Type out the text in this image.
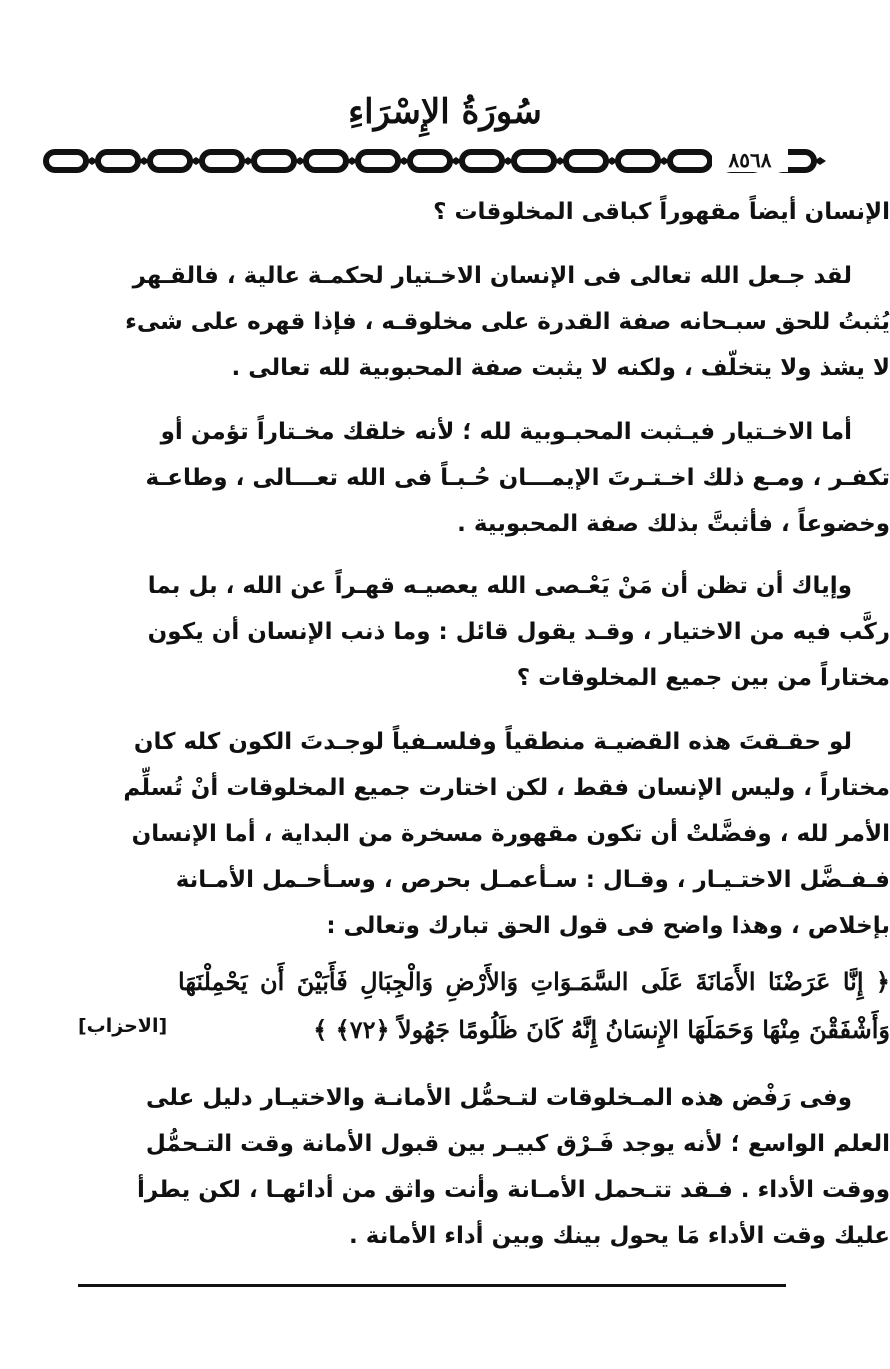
سُورَةُ الإِسْرَاءِ
٨٥٦٨
الإنسان أيضاً مقهوراً كباقى المخلوقات ؟
لقد جـعل الله تعالى فى الإنسان الاخـتيار لحكمـة عالية ، فالقـهر
يُثبتُ للحق سبـحانه صفة القدرة على مخلوقـه ، فإذا قهره على شىء
لا يشذ ولا يتخلّف ، ولكنه لا يثبت صفة المحبوبية لله تعالى .
أما الاخـتيار فيـثبت المحبـوبية لله ؛ لأنه خلقك مخـتاراً تؤمن أو
تكفـر ، ومـع ذلك اخـتـرتَ الإيمـــان حُـبـاً فى الله تعـــالى ، وطاعـة
وخضوعاً ، فأثبتَّ بذلك صفة المحبوبية .
وإياك أن تظن أن مَنْ يَعْـصى الله يعصيـه قهـراً عن الله ، بل بما
ركَّب فيه من الاختيار ، وقـد يقول قائل : وما ذنب الإنسان أن يكون
مختاراً من بين جميع المخلوقات ؟
لو حقـقتَ هذه القضيـة منطقياً وفلسـفياً لوجـدتَ الكون كله كان
مختاراً ، وليس الإنسان فقط ، لكن اختارت جميع المخلوقات أنْ تُسلِّم
الأمر لله ، وفضَّلتْ أن تكون مقهورة مسخرة من البداية ، أما الإنسان
فـفـضَّل الاختـيـار ، وقـال : سـأعمـل بحرص ، وسـأحـمل الأمـانة
بإخلاص ، وهذا واضح فى قول الحق تبارك وتعالى :
﴿ إِنَّا عَرَضْنَا الأَمَانَةَ عَلَى السَّمَـوَاتِ وَالأَرْضِ وَالْجِبَالِ فَأَبَيْنَ أَن يَحْمِلْنَهَا
وَأَشْفَقْنَ مِنْهَا وَحَمَلَهَا الإِنسَانُ إِنَّهُ كَانَ ظَلُومًا جَهُولاً ﴿٧٢﴾ ﴾
[الاحزاب]
وفى رَفْض هذه المـخلوقات لتـحمُّل الأمانـة والاختيـار دليل على
العلم الواسع ؛ لأنه يوجد فَـرْق كبيـر بين قبول الأمانة وقت التـحمُّل
ووقت الأداء . فـقد تتـحمل الأمـانة وأنت واثق من أدائهـا ، لكن يطرأ
عليك وقت الأداء مَا يحول بينك وبين أداء الأمانة .
